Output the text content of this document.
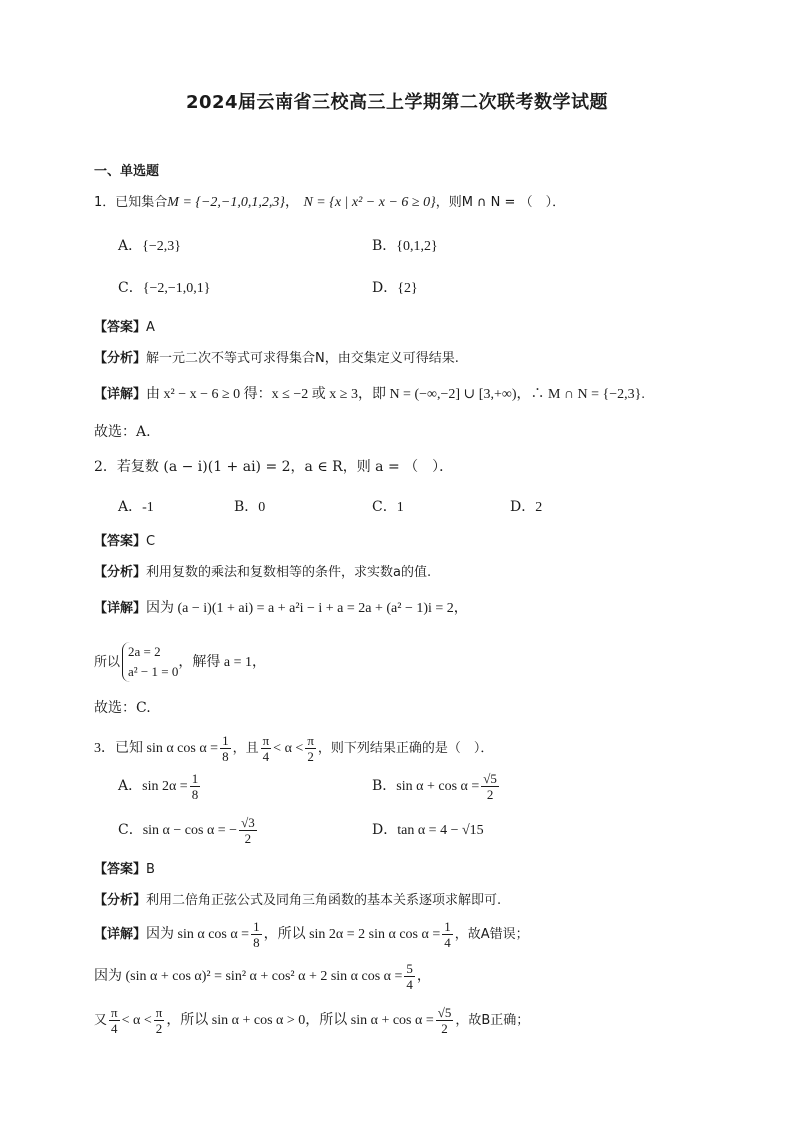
2024届云南省三校高三上学期第二次联考数学试题
一、单选题
1．已知集合M = {−2,−1,0,1,2,3}， N = {x | x² − x − 6 ≥ 0}，则M ∩ N = （　）．
A．{−2,3}	B．{0,1,2}
C．{−2,−1,0,1}	D．{2}
【答案】A
【分析】解一元二次不等式可求得集合N，由交集定义可得结果.
【详解】由 x² − x − 6 ≥ 0 得：x ≤ −2 或 x ≥ 3，即 N = (−∞,−2] ∪ [3,+∞)，∴ M ∩ N = {−2,3}.
故选：A.
2．若复数 (a − i)(1 + ai) = 2，a ∈ R，则 a = （　）．
A．-1	B．0	C．1	D．2
【答案】C
【分析】利用复数的乘法和复数相等的条件，求实数a的值.
【详解】因为 (a − i)(1 + ai) = a + a²i − i + a = 2a + (a² − 1)i = 2，
所以
2a = 2
a² − 1 = 0
，解得 a = 1，
故选：C.
3．已知 sin α $\cos \alpha = \frac{1}{8}$ ，且 $\frac{\pi}{4} < \alpha < \frac{\pi}{2}$ ，则下列结果正确的是（　）．
A．$\sin 2\alpha = \frac{1}{8}$	B．$\sin \alpha + \cos \alpha = \frac{√5}{2}$
C．sin α − cos α = − $\frac{√3}{2}$	D．tan α = 4 − √15
【答案】B
【分析】利用二倍角正弦公式及同角三角函数的基本关系逐项求解即可.
【详解】因为 sin α $\cos \alpha = \frac{1}{8}$ ，所以 sin 2α = 2 sin α $\cos \alpha = \frac{1}{4}$ ，故A错误；
因为 (sin α + cos α)² = sin² α + cos² α + 2 sin α $\cos \alpha = \frac{5}{4}$ ，
又 $\frac{\pi}{4} < \alpha < \frac{\pi}{2}$ ，所以 sin α + cos α > 0，所以 $\sin \alpha + \cos \alpha = \frac{√5}{2}$ ，故B正确；
